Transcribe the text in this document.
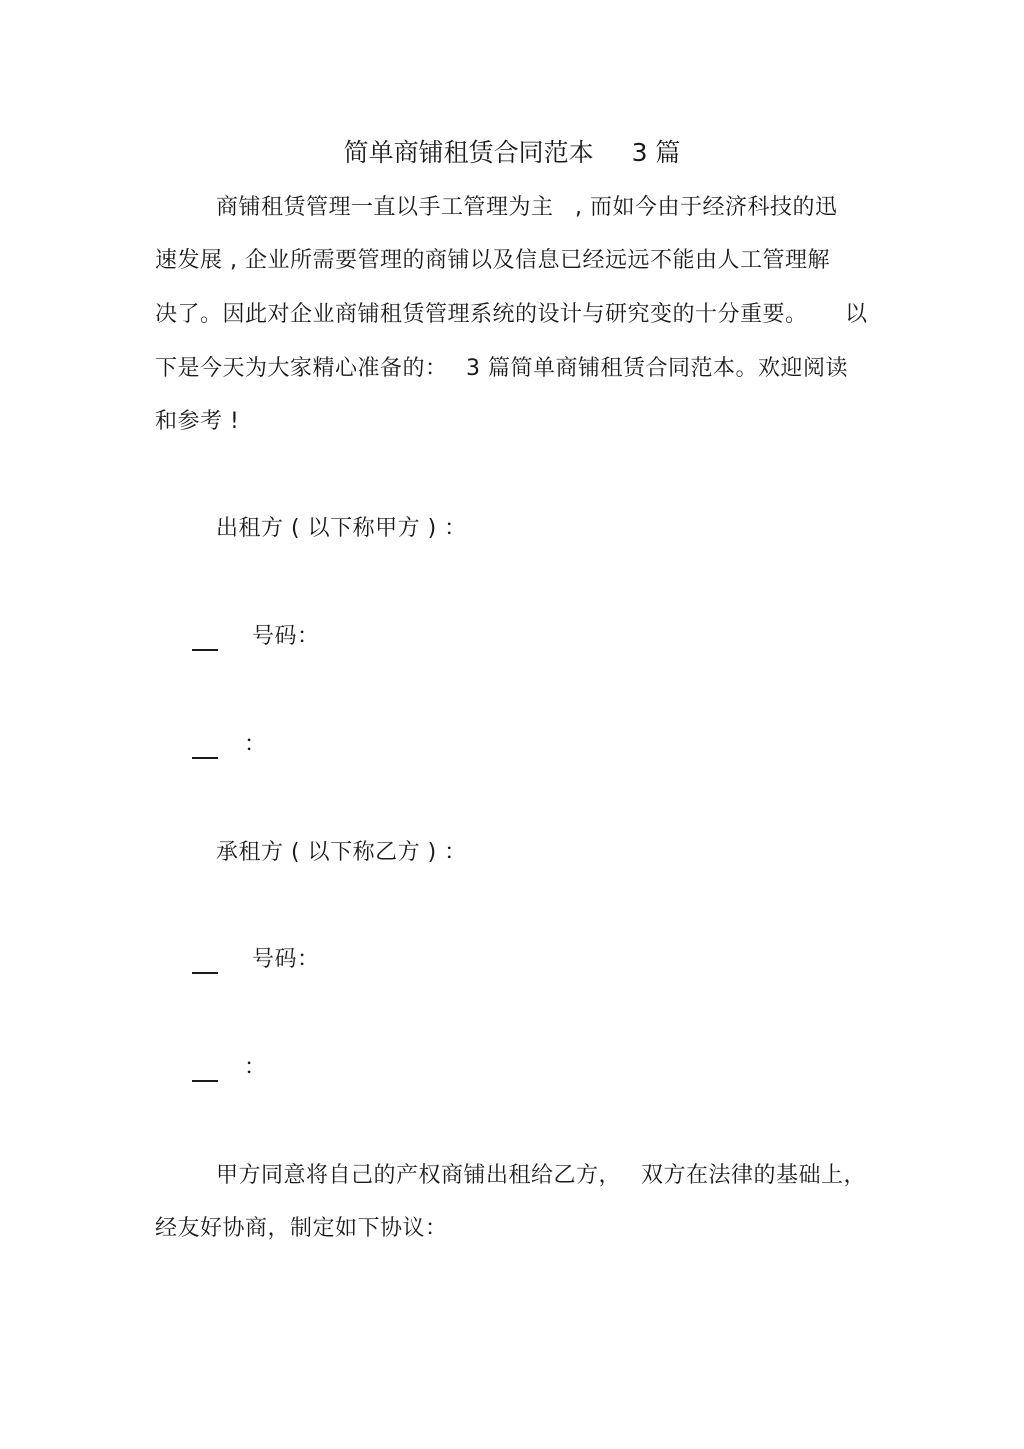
简单商铺租赁合同范本 3 篇
商铺租赁管理一直以手工管理为主 , 而如今由于经济科技的迅
速发展 , 企业所需要管理的商铺以及信息已经远远不能由人工管理解
决了。因此对企业商铺租赁管理系统的设计与研究变的十分重要。 以
下是今天为大家精心准备的： 3 篇简单商铺租赁合同范本。欢迎阅读
和参考 !
出租方 ( 以下称甲方 ) ：
号码：
：
承租方 ( 以下称乙方 ) ：
号码：
：
甲方同意将自己的产权商铺出租给乙方， 双方在法律的基础上，
经友好协商，制定如下协议：
